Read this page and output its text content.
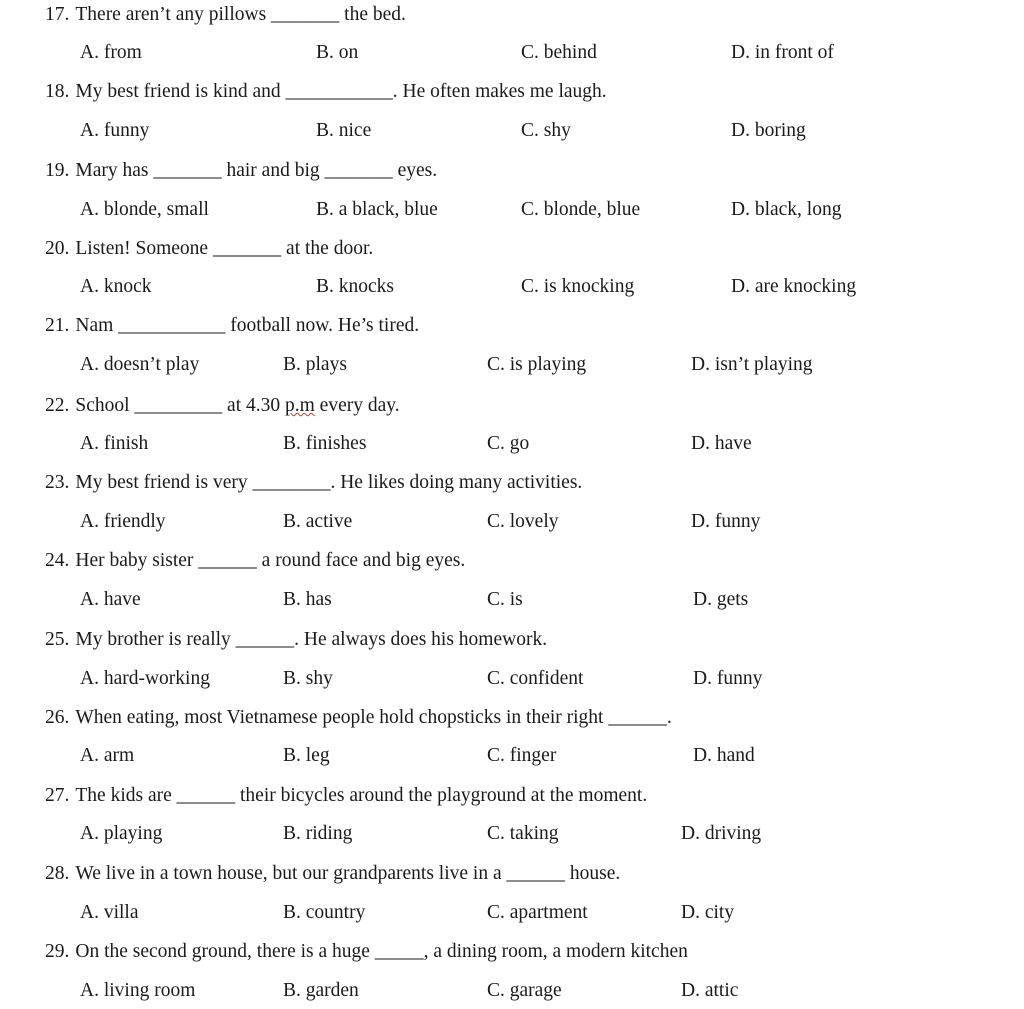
17. There aren’t any pillows _______ the bed.
A. from	B. on	C. behind	D. in front of
18. My best friend is kind and ___________. He often makes me laugh.
A. funny	B. nice	C. shy	D. boring
19. Mary has _______ hair and big _______ eyes.
A. blonde, small	B. a black, blue	C. blonde, blue	D. black, long
20. Listen! Someone _______ at the door.
A. knock	B. knocks	C. is knocking	D. are knocking
21. Nam ___________ football now. He’s tired.
A. doesn’t play	B. plays	C. is playing	D. isn’t playing
22. School _________ at 4.30 p.m every day.
A. finish	B. finishes	C. go	D. have
23. My best friend is very ________. He likes doing many activities.
A. friendly	B. active	C. lovely	D. funny
24. Her baby sister ______ a round face and big eyes.
A. have	B. has	C. is	D. gets
25. My brother is really ______. He always does his homework.
A. hard-working	B. shy	C. confident	D. funny
26. When eating, most Vietnamese people hold chopsticks in their right ______.
A. arm	B. leg	C. finger	D. hand
27. The kids are ______ their bicycles around the playground at the moment.
A. playing	B. riding	C. taking	D. driving
28. We live in a town house, but our grandparents live in a ______ house.
A. villa	B. country	C. apartment	D. city
29. On the second ground, there is a huge _____, a dining room, a modern kitchen
A. living room	B. garden	C. garage	D. attic
